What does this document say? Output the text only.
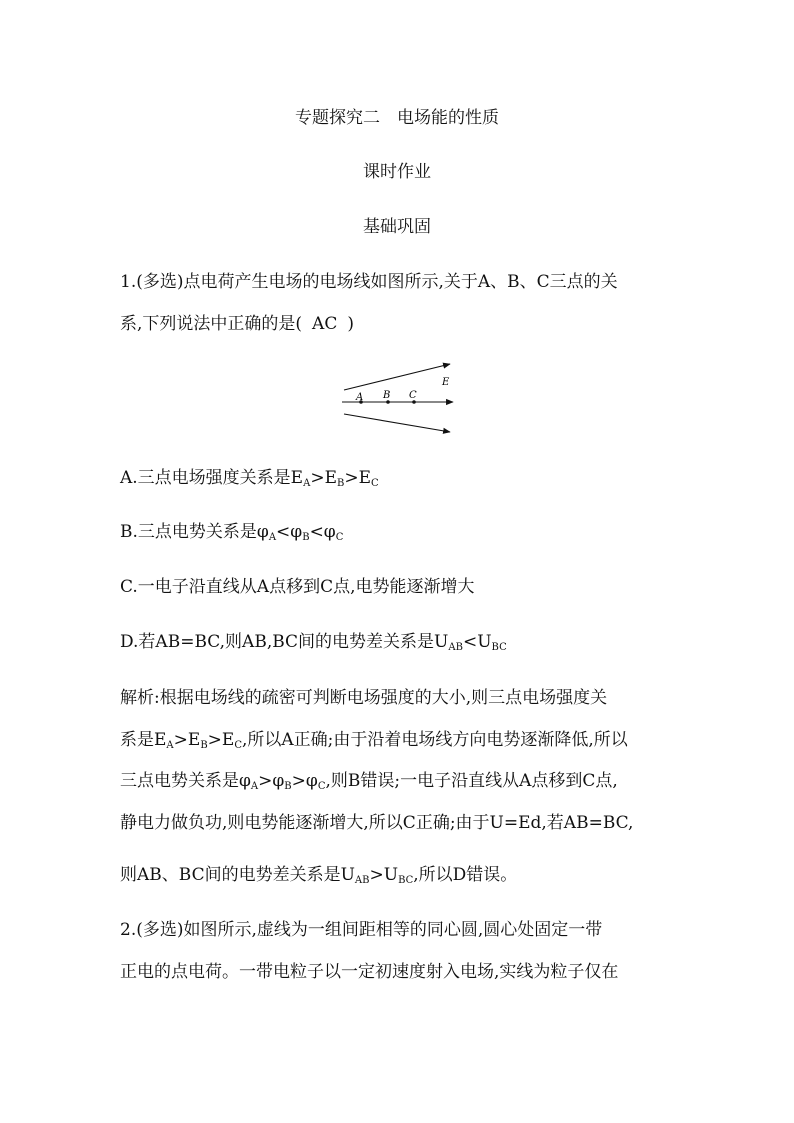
专题探究二　电场能的性质
课时作业
基础巩固
1.(多选)点电荷产生电场的电场线如图所示,关于A、B、C三点的关
系,下列说法中正确的是( AC )
A B C
E
A.三点电场强度关系是$E_A>E_B>E_C$
B.三点电势关系是$\varphi_A<\varphi_B<\varphi_C$
C.一电子沿直线从A点移到C点,电势能逐渐增大
D.若AB=BC,则AB,BC间的电势差关系是$U_{AB}<U_{BC}$
解析:根据电场线的疏密可判断电场强度的大小,则三点电场强度关
系是$E_A>E_B>E_C$,所以A正确;由于沿着电场线方向电势逐渐降低,所以
三点电势关系是$\varphi_A>\varphi_B>\varphi_C$,则B错误;一电子沿直线从A点移到C点,
静电力做负功,则电势能逐渐增大,所以C正确;由于U=Ed,若AB=BC,
则AB、BC间的电势差关系是$U_{AB}>U_{BC}$,所以D错误。
2.(多选)如图所示,虚线为一组间距相等的同心圆,圆心处固定一带
正电的点电荷。一带电粒子以一定初速度射入电场,实线为粒子仅在
